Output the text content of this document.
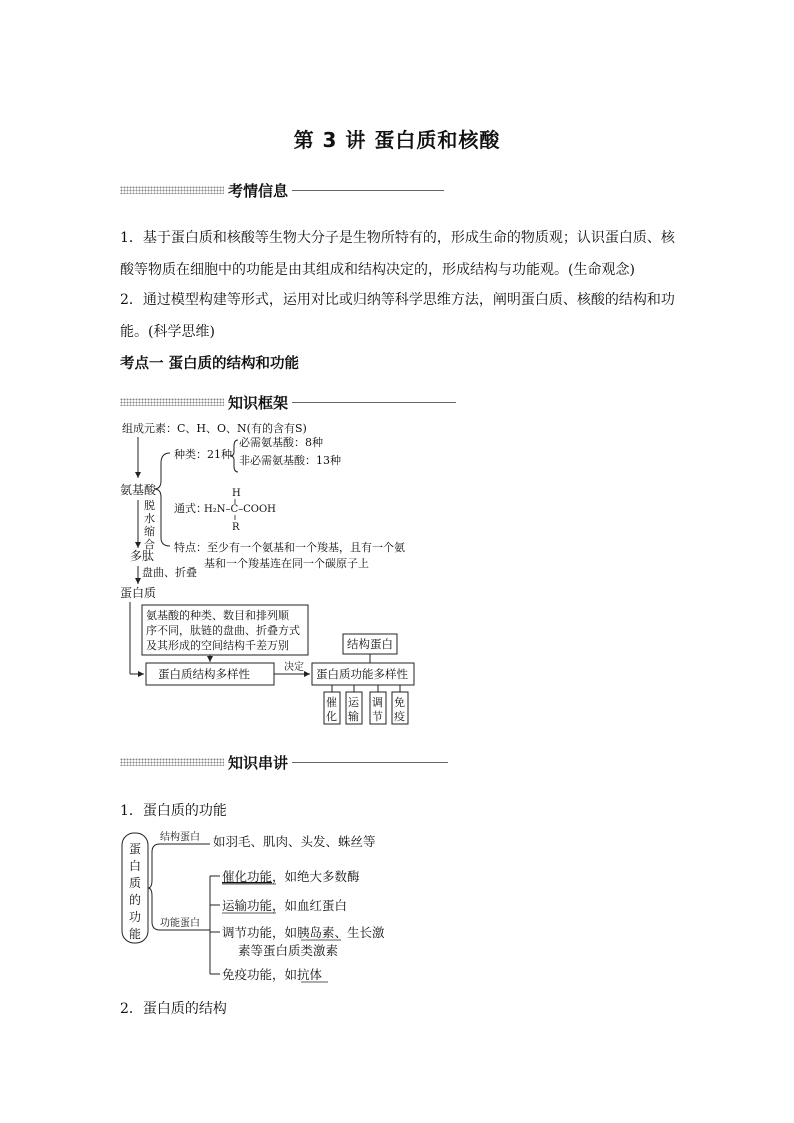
第 3 讲 蛋白质和核酸
考情信息
1．基于蛋白质和核酸等生物大分子是生物所特有的，形成生命的物质观；认识蛋白质、核
酸等物质在细胞中的功能是由其组成和结构决定的，形成结构与功能观。(生命观念)
2．通过模型构建等形式，运用对比或归纳等科学思维方法，阐明蛋白质、核酸的结构和功
能。(科学思维)
考点一 蛋白质的结构和功能
知识框架
组成元素：C、H、O、N(有的含有S)
氨基酸
种类：21种
必需氨基酸：8种
非必需氨基酸：13种
通式：
H
H₂N–C–COOH
R
特点：至少有一个氨基和一个羧基，且有一个氨
基和一个羧基连在同一个碳原子上
脱
水
缩
合
多肽
盘曲、折叠
蛋白质
氨基酸的种类、数目和排列顺
序不同，肽链的盘曲、折叠方式
及其形成的空间结构千差万别
蛋白质结构多样性	决定 蛋白质功能多样性
结构蛋白
催
化
运
输
调
节
免
疫
蛋
白
质
的
功
能
结构蛋白 如羽毛、肌肉、头发、蛛丝等
功能蛋白
催化功能，如绝大多数酶
运输功能，如血红蛋白
调节功能，如胰岛素、生长激
素等蛋白质类激素
免疫功能，如抗体
知识串讲
1．蛋白质的功能
2．蛋白质的结构
